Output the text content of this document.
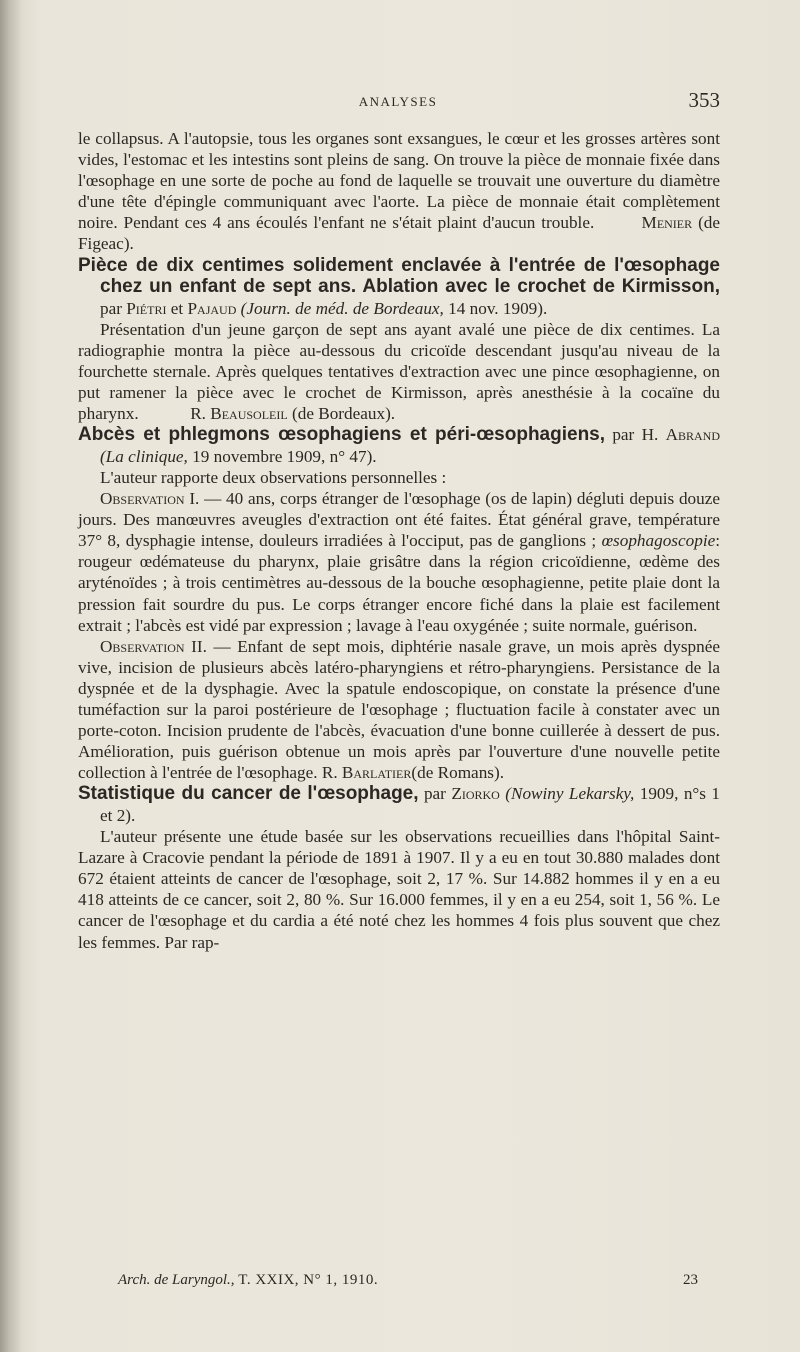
ANALYSES	353

le collapsus. A l'autopsie, tous les organes sont exsangues, le cœur et les grosses artères sont vides, l'estomac et les intestins sont pleins de sang. On trouve la pièce de monnaie fixée dans l'œsophage en une sorte de poche au fond de laquelle se trouvait une ouverture du diamètre d'une tête d'épingle communiquant avec l'aorte. La pièce de monnaie était complètement noire. Pendant ces 4 ans écoulés l'enfant ne s'était plaint d'aucun trouble.	Menier (de Figeac).

Pièce de dix centimes solidement enclavée à l'entrée de l'œsophage chez un enfant de sept ans. Ablation avec le crochet de Kirmisson, par Piétri et Pajaud (Journ. de méd. de Bordeaux, 14 nov. 1909).

Présentation d'un jeune garçon de sept ans ayant avalé une pièce de dix centimes. La radiographie montra la pièce au-dessous du cricoïde descendant jusqu'au niveau de la fourchette sternale. Après quelques tentatives d'extraction avec une pince œsophagienne, on put ramener la pièce avec le crochet de Kirmisson, après anesthésie à la cocaïne du pharynx.	R. Beausoleil (de Bordeaux).

Abcès et phlegmons œsophagiens et péri-œsophagiens, par H. Abrand (La clinique, 19 novembre 1909, n° 47).

L'auteur rapporte deux observations personnelles :

Observation I. — 40 ans, corps étranger de l'œsophage (os de lapin) dégluti depuis douze jours. Des manœuvres aveugles d'extraction ont été faites. État général grave, température 37° 8, dysphagie intense, douleurs irradiées à l'occiput, pas de ganglions ; œsophagoscopie: rougeur œdémateuse du pharynx, plaie grisâtre dans la région cricoïdienne, œdème des aryténoïdes ; à trois centimètres au-dessous de la bouche œsophagienne, petite plaie dont la pression fait sourdre du pus. Le corps étranger encore fiché dans la plaie est facilement extrait ; l'abcès est vidé par expression ; lavage à l'eau oxygénée ; suite normale, guérison.

Observation II. — Enfant de sept mois, diphtérie nasale grave, un mois après dyspnée vive, incision de plusieurs abcès latéro-pharyngiens et rétro-pharyngiens. Persistance de la dyspnée et de la dysphagie. Avec la spatule endoscopique, on constate la présence d'une tuméfaction sur la paroi postérieure de l'œsophage ; fluctuation facile à constater avec un porte-coton. Incision prudente de l'abcès, évacuation d'une bonne cuillerée à dessert de pus. Amélioration, puis guérison obtenue un mois après par l'ouverture d'une nouvelle petite collection à l'entrée de l'œsophage. R. Barlatier(de Romans).

Statistique du cancer de l'œsophage, par Ziorko (Nowiny Lekarsky, 1909, n°s 1 et 2).

L'auteur présente une étude basée sur les observations recueillies dans l'hôpital Saint-Lazare à Cracovie pendant la période de 1891 à 1907. Il y a eu en tout 30.880 malades dont 672 étaient atteints de cancer de l'œsophage, soit 2, 17 %. Sur 14.882 hommes il y en a eu 418 atteints de ce cancer, soit 2, 80 %. Sur 16.000 femmes, il y en a eu 254, soit 1, 56 %. Le cancer de l'œsophage et du cardia a été noté chez les hommes 4 fois plus souvent que chez les femmes. Par rap-

Arch. de Laryngol., T. XXIX, N° 1, 1910.	23
